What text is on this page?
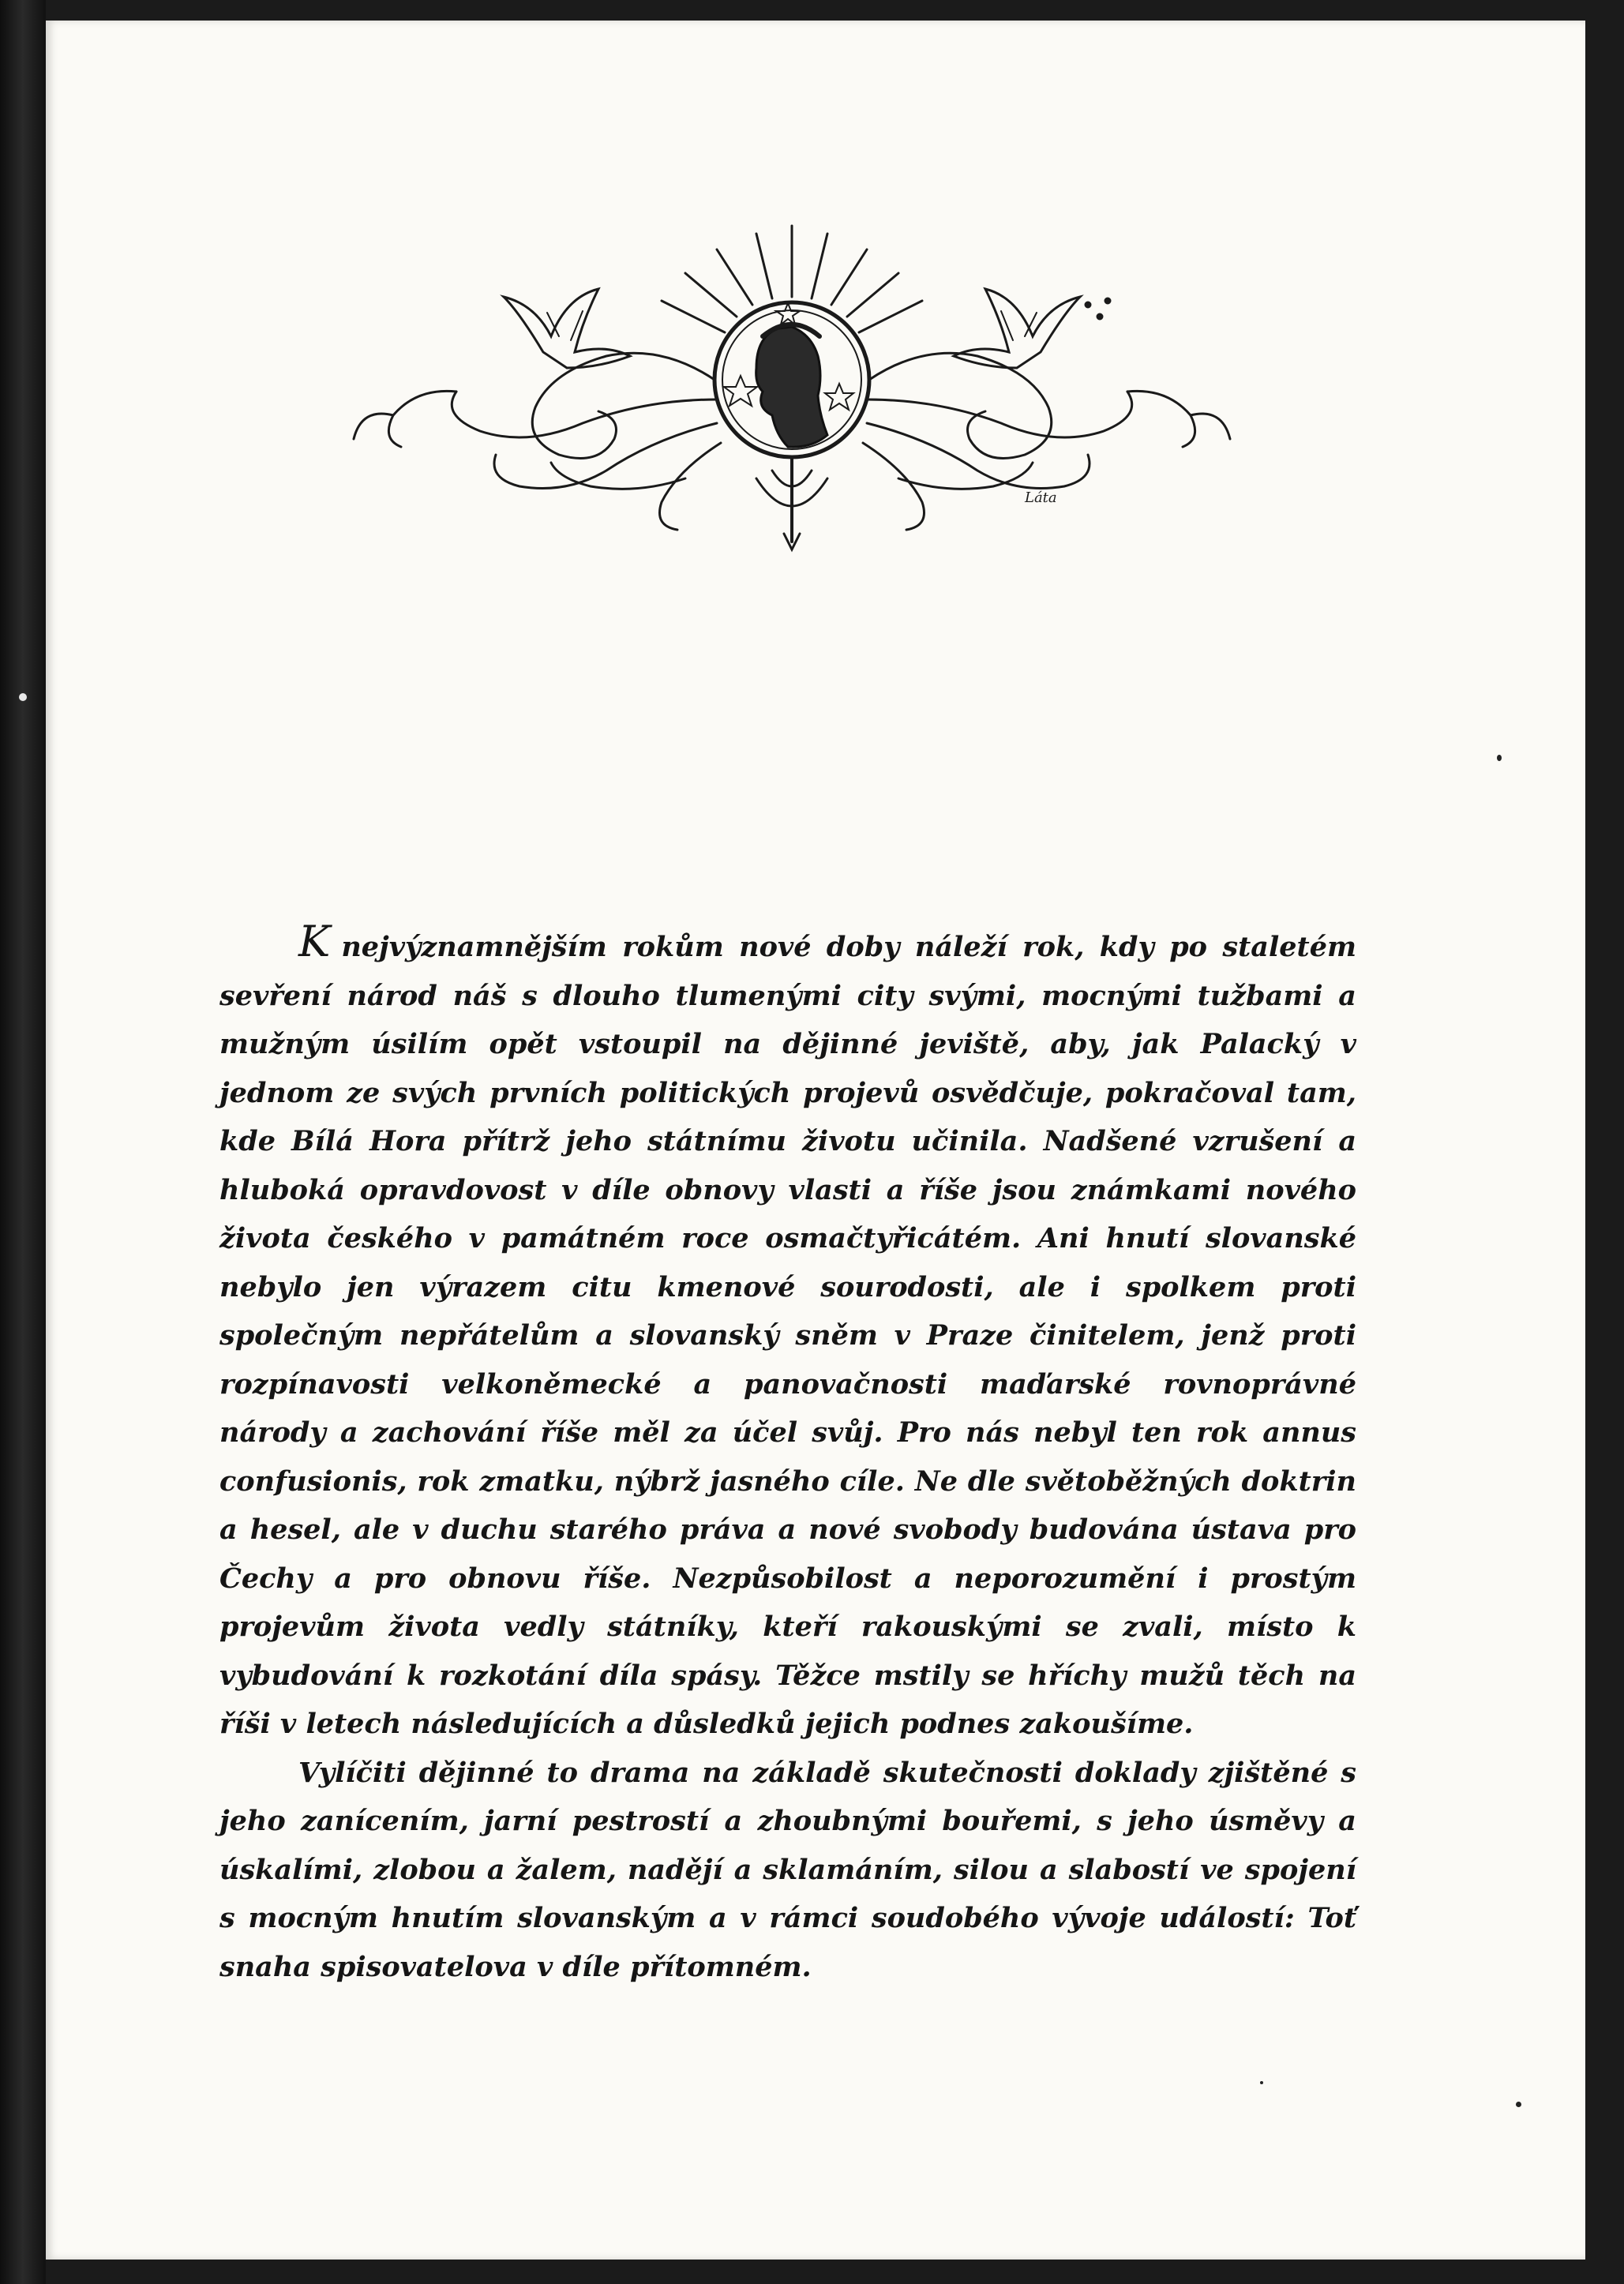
Láta

Knejvýznamnějším rokům nové doby náleží rok, kdy po staletém sevření národ náš s dlouho tlumenými city svými, mocnými tužbami a mužným úsilím opět vstoupil na dějinné jeviště, aby, jak Palacký v jednom ze svých prvních politických projevů osvědčuje, pokračoval tam, kde Bílá Hora přítrž jeho státnímu životu učinila. Nadšené vzrušení a hluboká opravdovost v díle obnovy vlasti a říše jsou známkami nového života českého v památném roce osmačtyřicátém. Ani hnutí slovanské nebylo jen výrazem citu kmenové sourodosti, ale i spolkem proti společným nepřátelům a slovanský sněm v Praze činitelem, jenž proti rozpínavosti velkoněmecké a panovačnosti maďarské rovnoprávné národy a zachování říše měl za účel svůj. Pro nás nebyl ten rok annus confusionis, rok zmatku, nýbrž jasného cíle. Ne dle světoběžných doktrin a hesel, ale v duchu starého práva a nové svobody budována ústava pro Čechy a pro obnovu říše. Nezpůsobilost a neporozumění i prostým projevům života vedly státníky, kteří rakouskými se zvali, místo k vybudování k rozkotání díla spásy. Těžce mstily se hříchy mužů těch na říši v letech následujících a důsledků jejich podnes zakoušíme.

Vylíčiti dějinné to drama na základě skutečnosti doklady zjištěné s jeho zanícením, jarní pestrostí a zhoubnými bouřemi, s jeho úsměvy a úskalími, zlobou a žalem, nadějí a sklamáním, silou a slabostí ve spojení s mocným hnutím slovanským a v rámci soudobého vývoje událostí: Toť snaha spisovatelova v díle přítomném.
